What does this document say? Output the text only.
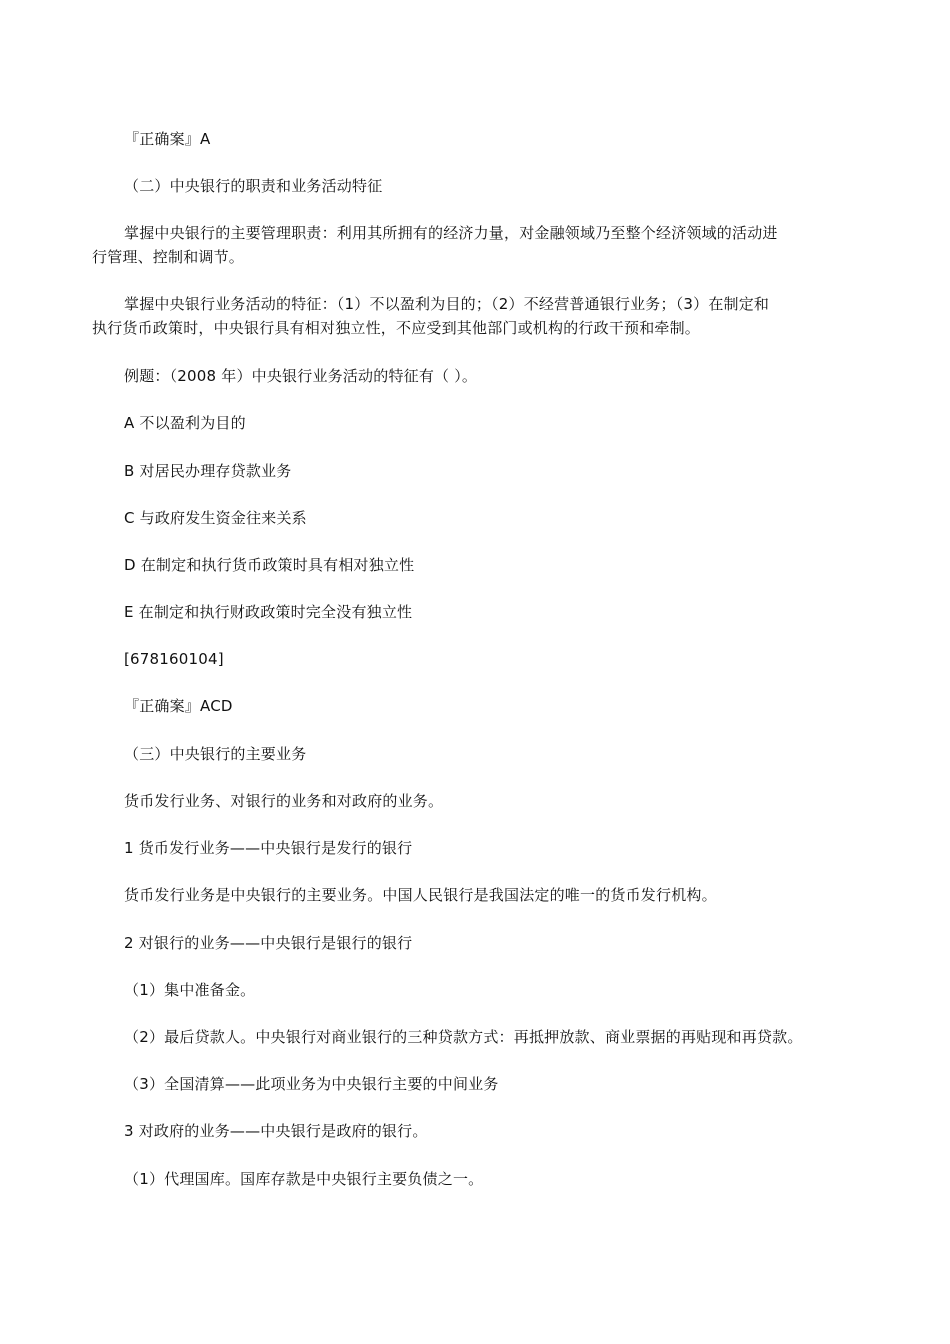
『正确案』A
（二）中央银行的职责和业务活动特征
掌握中央银行的主要管理职责：利用其所拥有的经济力量，对金融领域乃至整个经济领域的活动进
行管理、控制和调节。
掌握中央银行业务活动的特征：（1）不以盈利为目的；（2）不经营普通银行业务；（3）在制定和
执行货币政策时，中央银行具有相对独立性，不应受到其他部门或机构的行政干预和牵制。
例题：（2008 年）中央银行业务活动的特征有（ ）。
A 不以盈利为目的
B 对居民办理存贷款业务
C 与政府发生资金往来关系
D 在制定和执行货币政策时具有相对独立性
E 在制定和执行财政政策时完全没有独立性
[678160104]
『正确案』ACD
（三）中央银行的主要业务
货币发行业务、对银行的业务和对政府的业务。
1 货币发行业务——中央银行是发行的银行
货币发行业务是中央银行的主要业务。中国人民银行是我国法定的唯一的货币发行机构。
2 对银行的业务——中央银行是银行的银行
（1）集中准备金。
（2）最后贷款人。中央银行对商业银行的三种贷款方式：再抵押放款、商业票据的再贴现和再贷款。
（3）全国清算——此项业务为中央银行主要的中间业务
3 对政府的业务——中央银行是政府的银行。
（1）代理国库。国库存款是中央银行主要负债之一。
